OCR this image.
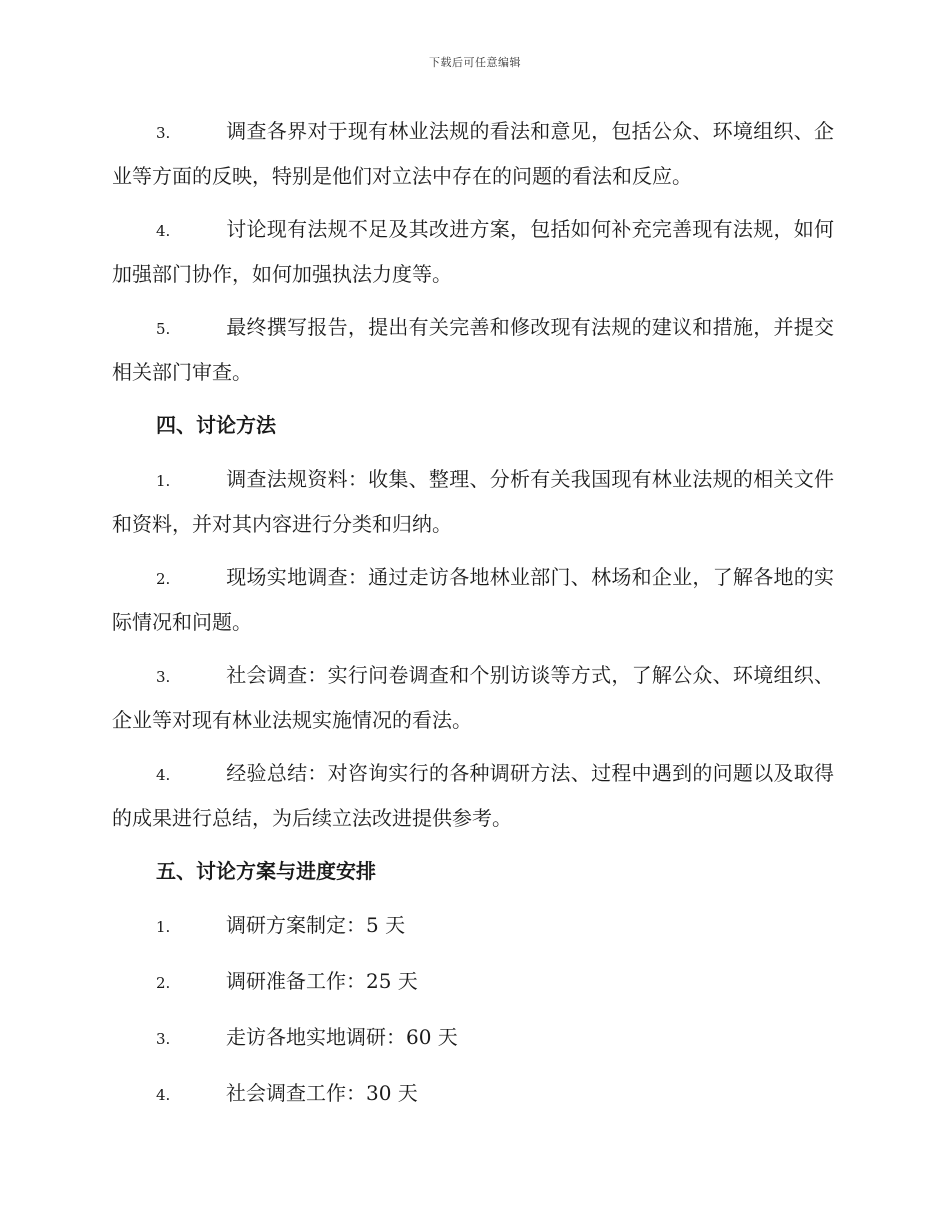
下载后可任意编辑

3.	调查各界对于现有林业法规的看法和意见，包括公众、环境组织、企业等方面的反映，特别是他们对立法中存在的问题的看法和反应。

4.	讨论现有法规不足及其改进方案，包括如何补充完善现有法规，如何加强部门协作，如何加强执法力度等。

5.	最终撰写报告，提出有关完善和修改现有法规的建议和措施，并提交相关部门审查。

四、讨论方法

1.	调查法规资料：收集、整理、分析有关我国现有林业法规的相关文件和资料，并对其内容进行分类和归纳。

2.	现场实地调查：通过走访各地林业部门、林场和企业，了解各地的实际情况和问题。

3.	社会调查：实行问卷调查和个别访谈等方式，了解公众、环境组织、企业等对现有林业法规实施情况的看法。

4.	经验总结：对咨询实行的各种调研方法、过程中遇到的问题以及取得的成果进行总结，为后续立法改进提供参考。

五、讨论方案与进度安排

1.	调研方案制定：5 天

2.	调研准备工作：25 天

3.	走访各地实地调研：60 天

4.	社会调查工作：30 天
